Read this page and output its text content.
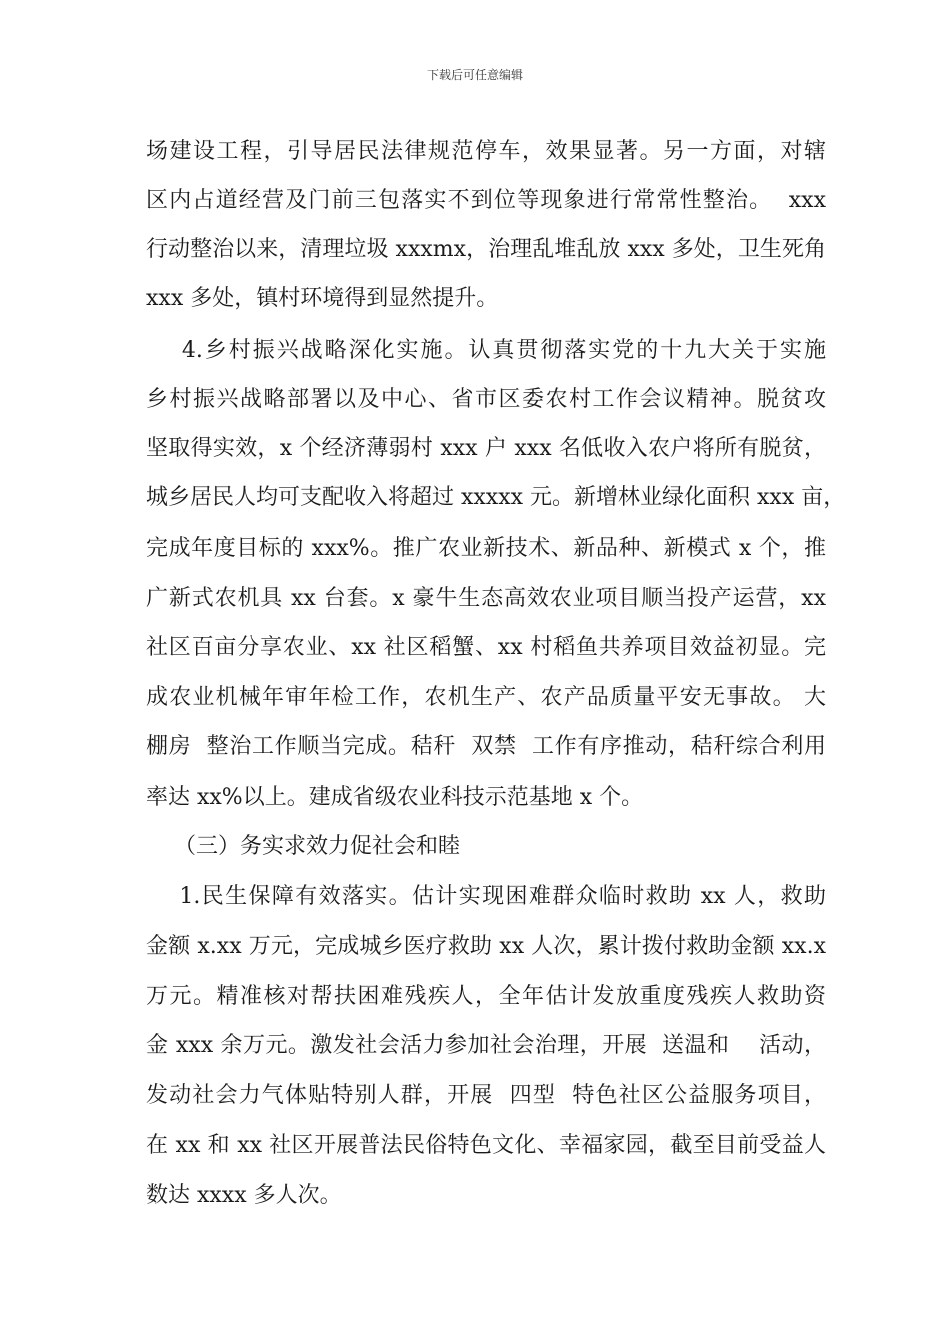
下载后可任意编辑
场建设工程，引导居民法律规范停车，效果显著。另一方面，对辖
区内占道经营及门前三包落实不到位等现象进行常常性整治。  xxx
行动整治以来，清理垃圾 xxxmx，治理乱堆乱放 xxx 多处，卫生死角
xxx 多处，镇村环境得到显然提升。
4.乡村振兴战略深化实施。认真贯彻落实党的十九大关于实施
乡村振兴战略部署以及中心、省市区委农村工作会议精神。脱贫攻
坚取得实效，x 个经济薄弱村 xxx 户 xxx 名低收入农户将所有脱贫，
城乡居民人均可支配收入将超过 xxxxx 元。新增林业绿化面积 xxx 亩，
完成年度目标的 xxx%。推广农业新技术、新品种、新模式 x 个，推
广新式农机具 xx 台套。x 豪牛生态高效农业项目顺当投产运营，xx
社区百亩分享农业、xx 社区稻蟹、xx 村稻鱼共养项目效益初显。完
成农业机械年审年检工作，农机生产、农产品质量平安无事故。 大
棚房  整治工作顺当完成。秸秆  双禁  工作有序推动，秸秆综合利用
率达 xx%以上。建成省级农业科技示范基地 x 个。
（三）务实求效力促社会和睦
1.民生保障有效落实。估计实现困难群众临时救助 xx 人，救助
金额 x.xx 万元，完成城乡医疗救助 xx 人次，累计拨付救助金额 xx.x
万元。精准核对帮扶困难残疾人，全年估计发放重度残疾人救助资
金 xxx 余万元。激发社会活力参加社会治理，开展  送温和    活动，
发动社会力气体贴特别人群，开展  四型  特色社区公益服务项目，
在 xx 和 xx 社区开展普法民俗特色文化、幸福家园，截至目前受益人
数达 xxxx 多人次。
